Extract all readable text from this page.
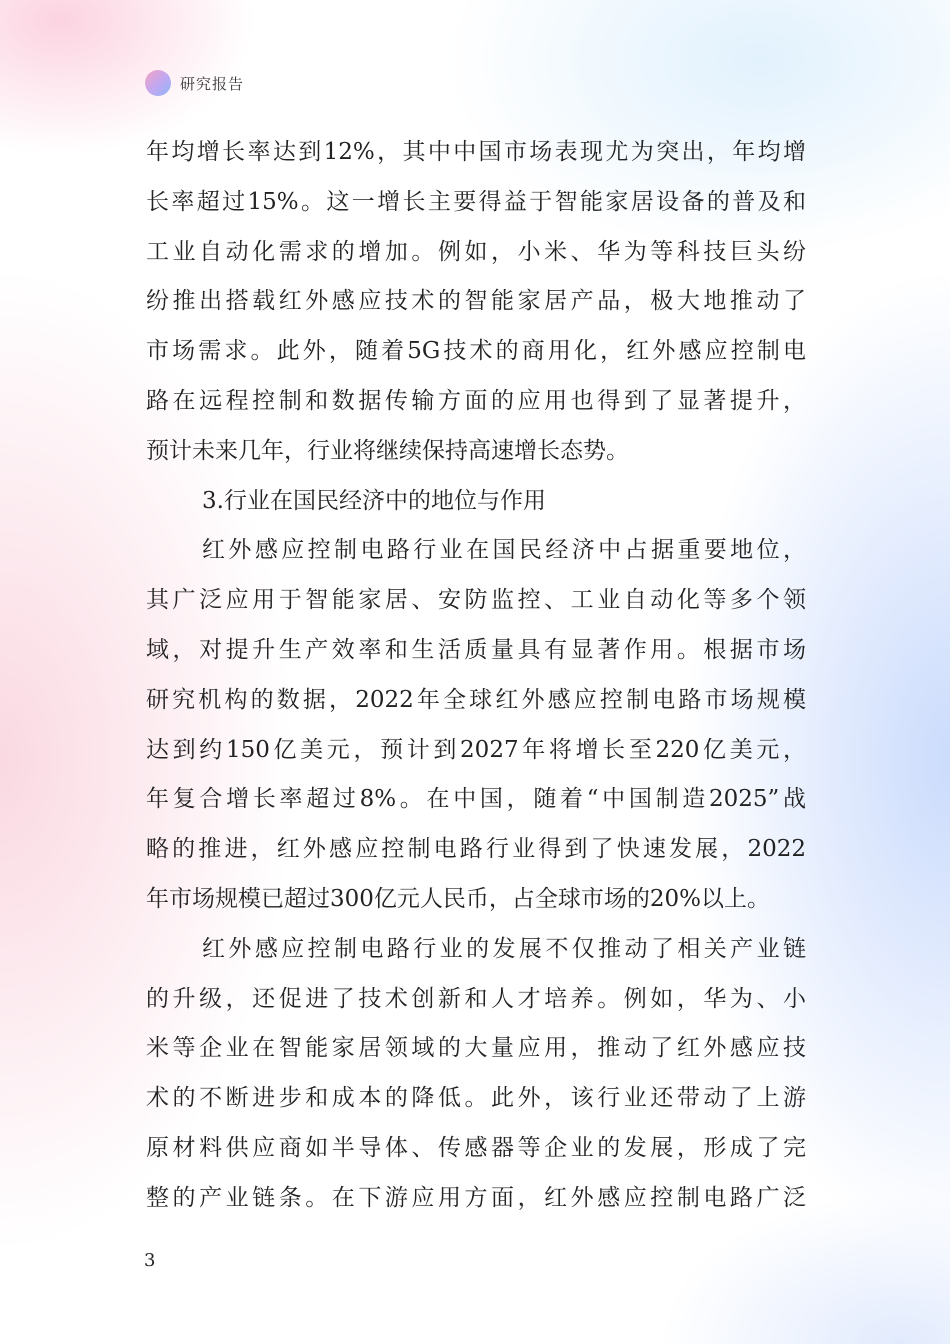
研究报告
年均增长率达到12%，其中中国市场表现尤为突出，年均增
长率超过15%。这一增长主要得益于智能家居设备的普及和
工业自动化需求的增加。例如，小米、华为等科技巨头纷
纷推出搭载红外感应技术的智能家居产品，极大地推动了
市场需求。此外，随着5G技术的商用化，红外感应控制电
路在远程控制和数据传输方面的应用也得到了显著提升，
预计未来几年，行业将继续保持高速增长态势。
3.行业在国民经济中的地位与作用
红外感应控制电路行业在国民经济中占据重要地位，
其广泛应用于智能家居、安防监控、工业自动化等多个领
域，对提升生产效率和生活质量具有显著作用。根据市场
研究机构的数据，2022年全球红外感应控制电路市场规模
达到约150亿美元，预计到2027年将增长至220亿美元，
年复合增长率超过8%。在中国，随着“中国制造2025”战
略的推进，红外感应控制电路行业得到了快速发展，2022
年市场规模已超过300亿元人民币，占全球市场的20%以上。
红外感应控制电路行业的发展不仅推动了相关产业链
的升级，还促进了技术创新和人才培养。例如，华为、小
米等企业在智能家居领域的大量应用，推动了红外感应技
术的不断进步和成本的降低。此外，该行业还带动了上游
原材料供应商如半导体、传感器等企业的发展，形成了完
整的产业链条。在下游应用方面，红外感应控制电路广泛
3
